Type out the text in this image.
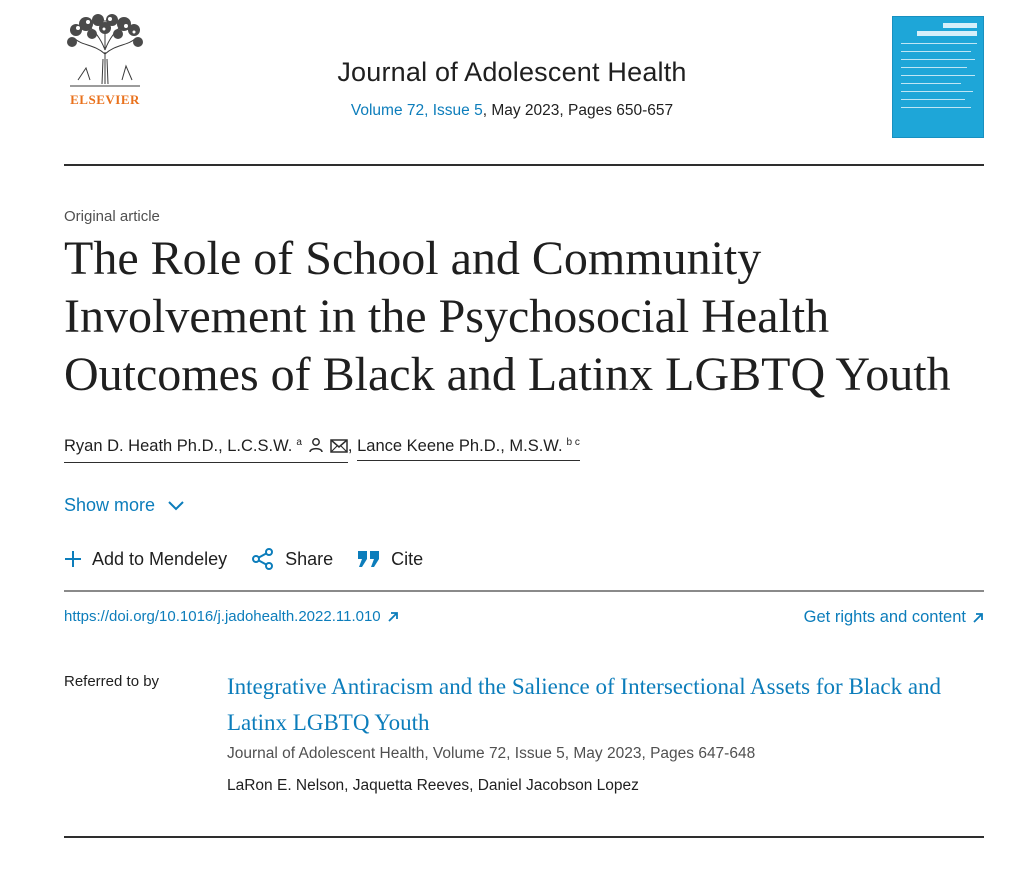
ELSEVIER
Journal of Adolescent Health
Volume 72, Issue 5, May 2023, Pages 650-657
Original article
The Role of School and Community
Involvement in the Psychosocial Health
Outcomes of Black and Latinx LGBTQ Youth
Ryan D. Heath Ph.D., L.C.S.W. $^a$	, Lance Keene Ph.D., M.S.W. $^{b c}$
Show more
Add to Mendeley	Share	Cite
https://doi.org/10.1016/j.jadohealth.2022.11.010	Get rights and content
Referred to by	Integrative Antiracism and the Salience of Intersectional Assets for Black and Latinx LGBTQ Youth
Journal of Adolescent Health, Volume 72, Issue 5, May 2023, Pages 647-648
LaRon E. Nelson, Jaquetta Reeves, Daniel Jacobson Lopez
